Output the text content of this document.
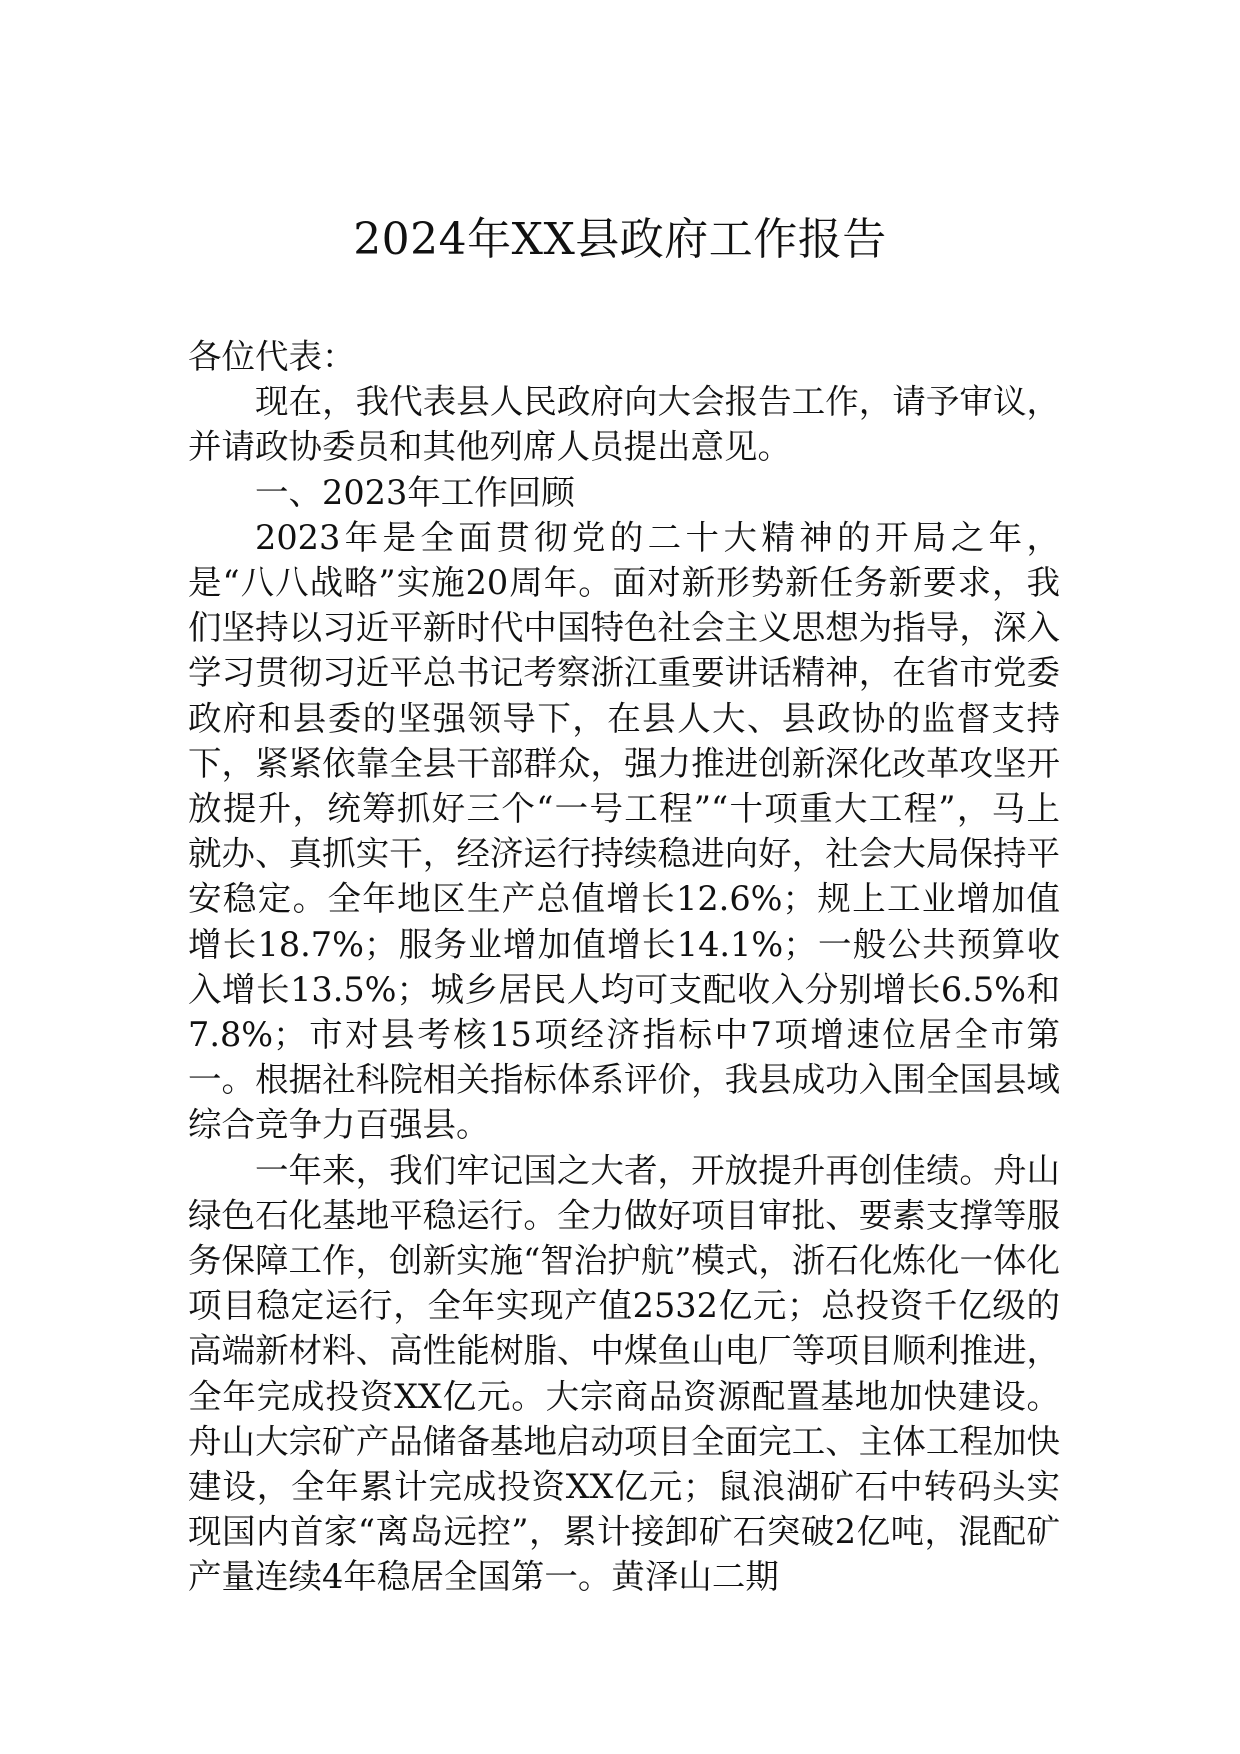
2024年XX县政府工作报告

各位代表：

现在，我代表县人民政府向大会报告工作，请予审议，并请政协委员和其他列席人员提出意见。

一、2023年工作回顾

2023年是全面贯彻党的二十大精神的开局之年，是“八八战略”实施20周年。面对新形势新任务新要求，我们坚持以习近平新时代中国特色社会主义思想为指导，深入学习贯彻习近平总书记考察浙江重要讲话精神，在省市党委政府和县委的坚强领导下，在县人大、县政协的监督支持下，紧紧依靠全县干部群众，强力推进创新深化改革攻坚开放提升，统筹抓好三个“一号工程”“十项重大工程”，马上就办、真抓实干，经济运行持续稳进向好，社会大局保持平安稳定。全年地区生产总值增长12.6%；规上工业增加值增长18.7%；服务业增加值增长14.1%；一般公共预算收入增长13.5%；城乡居民人均可支配收入分别增长6.5%和7.8%；市对县考核15项经济指标中7项增速位居全市第一。根据社科院相关指标体系评价，我县成功入围全国县域综合竞争力百强县。

一年来，我们牢记国之大者，开放提升再创佳绩。舟山绿色石化基地平稳运行。全力做好项目审批、要素支撑等服务保障工作，创新实施“智治护航”模式，浙石化炼化一体化项目稳定运行，全年实现产值2532亿元；总投资千亿级的高端新材料、高性能树脂、中煤鱼山电厂等项目顺利推进，全年完成投资XX亿元。大宗商品资源配置基地加快建设。舟山大宗矿产品储备基地启动项目全面完工、主体工程加快建设，全年累计完成投资XX亿元；鼠浪湖矿石中转码头实现国内首家“离岛远控”，累计接卸矿石突破2亿吨，混配矿产量连续4年稳居全国第一。黄泽山二期
